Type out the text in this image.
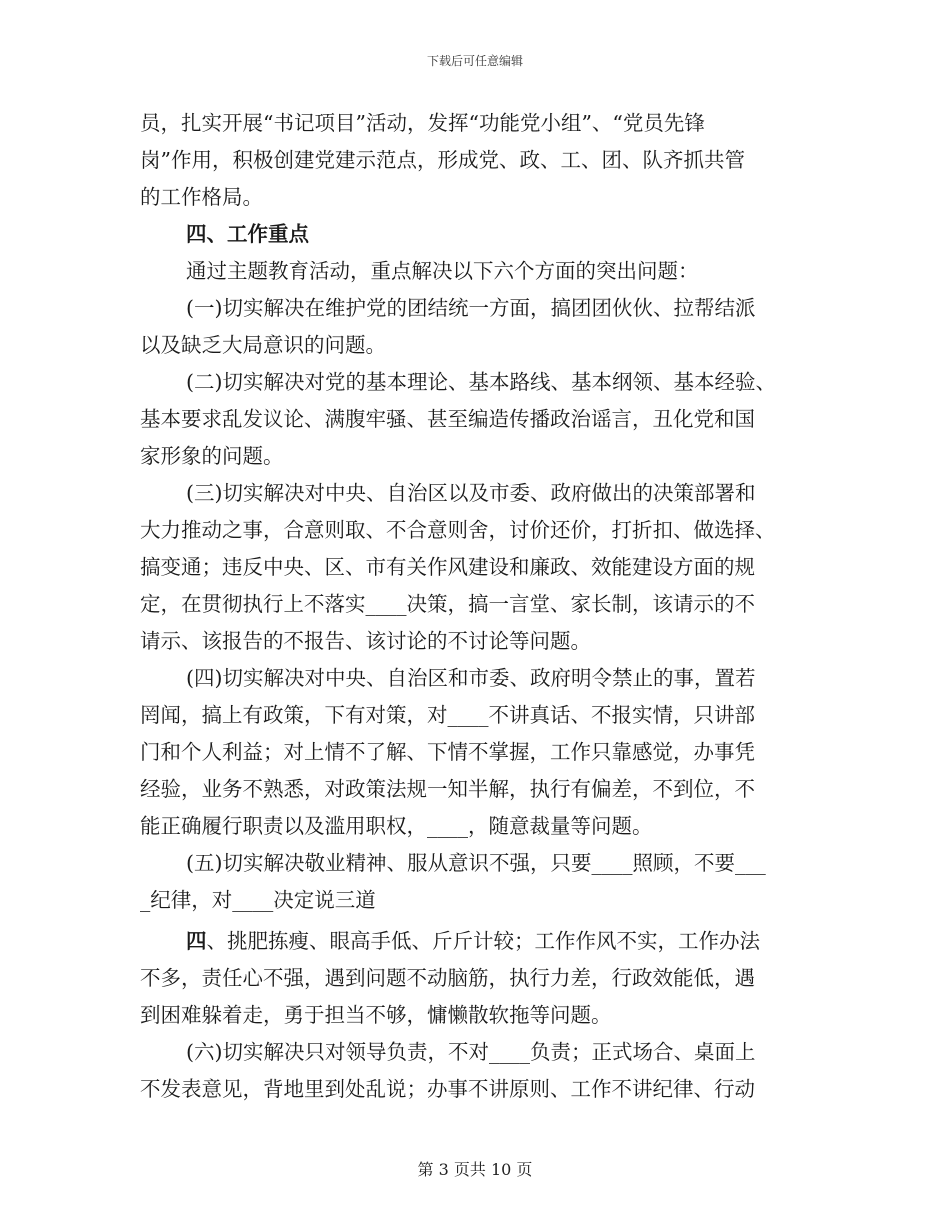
下载后可任意编辑
员，扎实开展“书记项目”活动，发挥“功能党小组”、“党员先锋
岗”作用，积极创建党建示范点，形成党、政、工、团、队齐抓共管
的工作格局。
四、工作重点
通过主题教育活动，重点解决以下六个方面的突出问题：
(一)切实解决在维护党的团结统一方面，搞团团伙伙、拉帮结派
以及缺乏大局意识的问题。
(二)切实解决对党的基本理论、基本路线、基本纲领、基本经验、
基本要求乱发议论、满腹牢骚、甚至编造传播政治谣言，丑化党和国
家形象的问题。
(三)切实解决对中央、自治区以及市委、政府做出的决策部署和
大力推动之事，合意则取、不合意则舍，讨价还价，打折扣、做选择、
搞变通；违反中央、区、市有关作风建设和廉政、效能建设方面的规
定，在贯彻执行上不落实____决策，搞一言堂、家长制，该请示的不
请示、该报告的不报告、该讨论的不讨论等问题。
(四)切实解决对中央、自治区和市委、政府明令禁止的事，置若
罔闻，搞上有政策，下有对策，对____不讲真话、不报实情，只讲部
门和个人利益；对上情不了解、下情不掌握，工作只靠感觉，办事凭
经验，业务不熟悉，对政策法规一知半解，执行有偏差，不到位，不
能正确履行职责以及滥用职权，____，随意裁量等问题。
(五)切实解决敬业精神、服从意识不强，只要____照顾，不要___
_纪律，对____决定说三道
四、挑肥拣瘦、眼高手低、斤斤计较；工作作风不实，工作办法
不多，责任心不强，遇到问题不动脑筋，执行力差，行政效能低，遇
到困难躲着走，勇于担当不够，慵懒散软拖等问题。
(六)切实解决只对领导负责，不对____负责；正式场合、桌面上
不发表意见，背地里到处乱说；办事不讲原则、工作不讲纪律、行动
第 3 页共 10 页
